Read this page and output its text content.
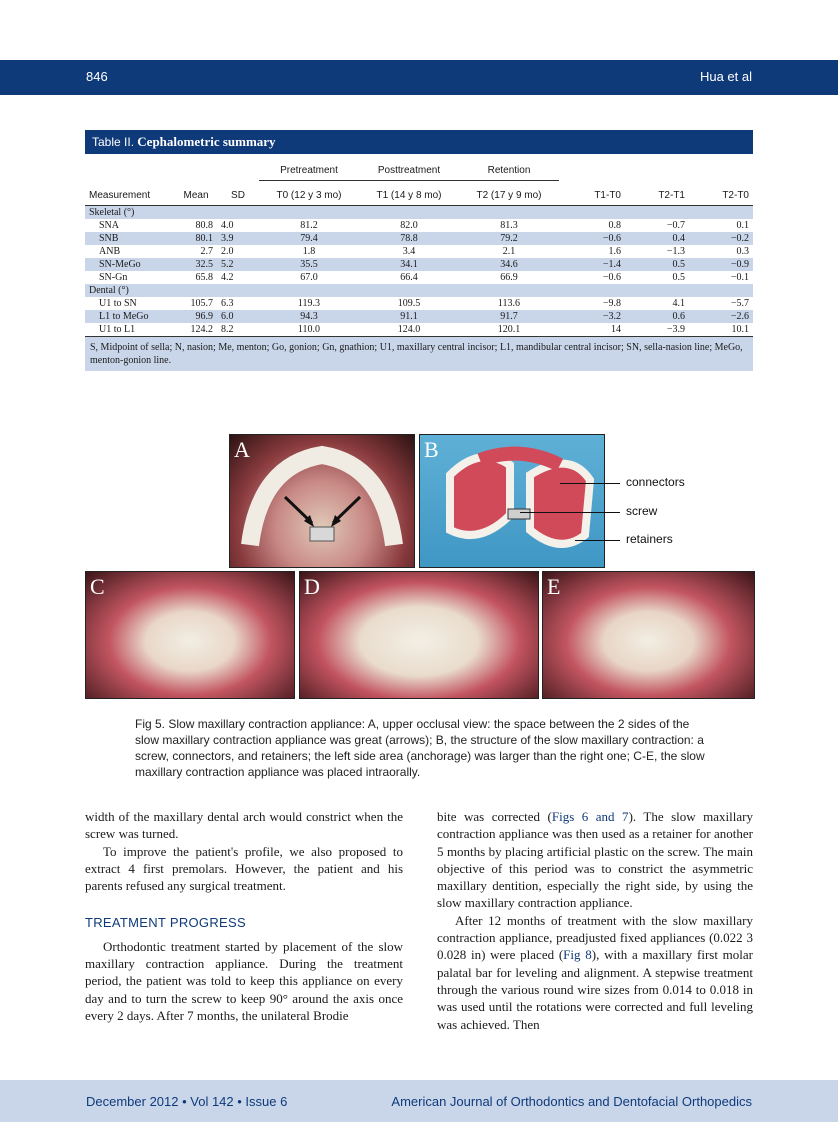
846	Hua et al
Table II. Cephalometric summary
			Pretreatment	Posttreatment	Retention			
Measurement	Mean	SD	T0 (12 y 3 mo)	T1 (14 y 8 mo)	T2 (17 y 9 mo)	T1-T0	T2-T1	T2-T0
Skeletal (°)								
SNA	80.8	4.0	81.2	82.0	81.3	0.8	−0.7	0.1
SNB	80.1	3.9	79.4	78.8	79.2	−0.6	0.4	−0.2
ANB	2.7	2.0	1.8	3.4	2.1	1.6	−1.3	0.3
SN-MeGo	32.5	5.2	35.5	34.1	34.6	−1.4	0.5	−0.9
SN-Gn	65.8	4.2	67.0	66.4	66.9	−0.6	0.5	−0.1
Dental (°)								
U1 to SN	105.7	6.3	119.3	109.5	113.6	−9.8	4.1	−5.7
L1 to MeGo	96.9	6.0	94.3	91.1	91.7	−3.2	0.6	−2.6
U1 to L1	124.2	8.2	110.0	124.0	120.1	14	−3.9	10.1
S, Midpoint of sella; N, nasion; Me, menton; Go, gonion; Gn, gnathion; U1, maxillary central incisor; L1, mandibular central incisor; SN, sella-nasion line; MeGo, menton-gonion line.
A	B
connectors
screw
retainers
C	D	E
Fig 5. Slow maxillary contraction appliance: A, upper occlusal view: the space between the 2 sides of the slow maxillary contraction appliance was great (arrows); B, the structure of the slow maxillary contraction: a screw, connectors, and retainers; the left side area (anchorage) was larger than the right one; C-E, the slow maxillary contraction appliance was placed intraorally.

width of the maxillary dental arch would constrict when the screw was turned.

To improve the patient's profile, we also proposed to extract 4 first premolars. However, the patient and his parents refused any surgical treatment.

TREATMENT PROGRESS

Orthodontic treatment started by placement of the slow maxillary contraction appliance. During the treatment period, the patient was told to keep this appliance on every day and to turn the screw to keep 90° around the axis once every 2 days. After 7 months, the unilateral Brodie

bite was corrected (Figs 6 and 7). The slow maxillary contraction appliance was then used as a retainer for another 5 months by placing artificial plastic on the screw. The main objective of this period was to constrict the asymmetric maxillary dentition, especially the right side, by using the slow maxillary contraction appliance.

After 12 months of treatment with the slow maxillary contraction appliance, preadjusted fixed appliances (0.022 3 0.028 in) were placed (Fig 8), with a maxillary first molar palatal bar for leveling and alignment. A stepwise treatment through the various round wire sizes from 0.014 to 0.018 in was used until the rotations were corrected and full leveling was achieved. Then

December 2012 • Vol 142 • Issue 6	American Journal of Orthodontics and Dentofacial Orthopedics
